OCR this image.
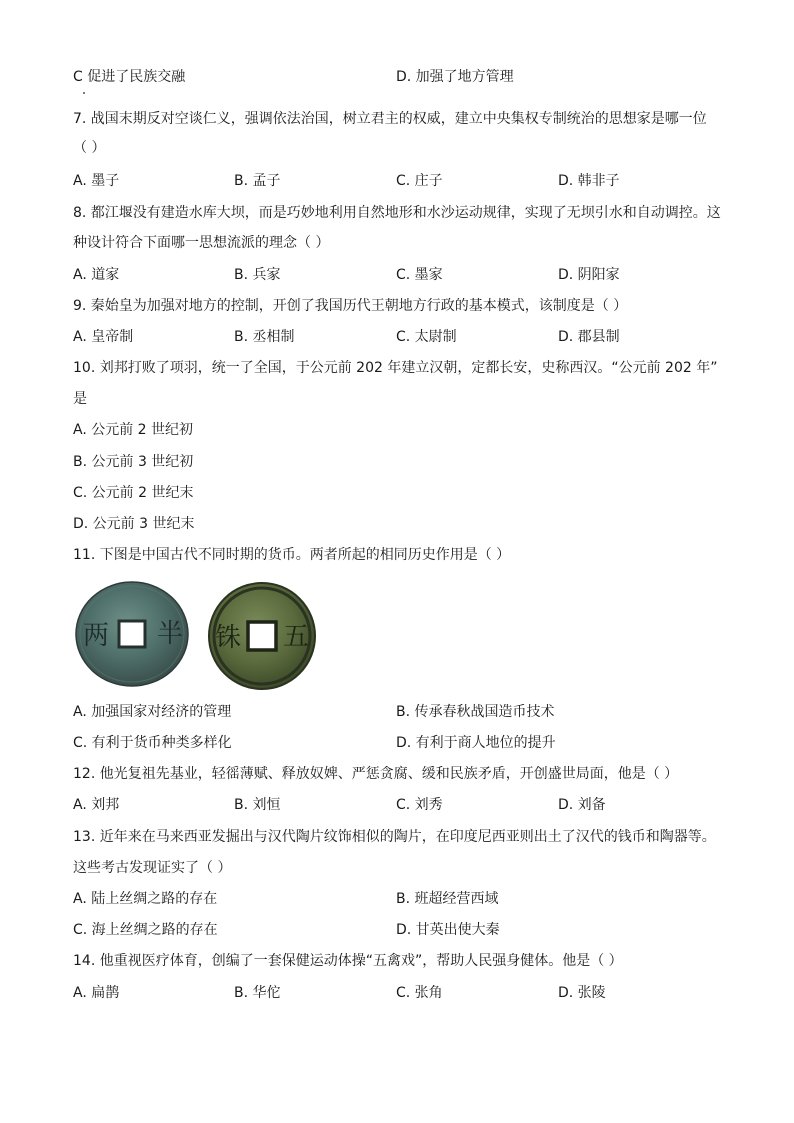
C 促进了民族交融	D. 加强了地方管理
7. 战国末期反对空谈仁义，强调依法治国，树立君主的权威，建立中央集权专制统治的思想家是哪一位
（ ）
A. 墨子	B. 孟子	C. 庄子	D. 韩非子
8. 都江堰没有建造水库大坝，而是巧妙地利用自然地形和水沙运动规律，实现了无坝引水和自动调控。这
种设计符合下面哪一思想流派的理念（ ）
A. 道家	B. 兵家	C. 墨家	D. 阴阳家
9. 秦始皇为加强对地方的控制，开创了我国历代王朝地方行政的基本模式，该制度是（ ）
A. 皇帝制	B. 丞相制	C. 太尉制	D. 郡县制
10. 刘邦打败了项羽，统一了全国，于公元前 202 年建立汉朝，定都长安，史称西汉。“公元前 202 年”
是
A. 公元前 2 世纪初
B. 公元前 3 世纪初
C. 公元前 2 世纪末
D. 公元前 3 世纪末
11. 下图是中国古代不同时期的货币。两者所起的相同历史作用是（ ）
半
两	五
铢
A. 加强国家对经济的管理	B. 传承春秋战国造币技术
C. 有利于货币种类多样化	D. 有利于商人地位的提升
12. 他光复祖先基业，轻徭薄赋、释放奴婢、严惩贪腐、缓和民族矛盾，开创盛世局面，他是（ ）
A. 刘邦	B. 刘恒	C. 刘秀	D. 刘备
13. 近年来在马来西亚发掘出与汉代陶片纹饰相似的陶片，在印度尼西亚则出土了汉代的钱币和陶器等。
这些考古发现证实了（ ）
A. 陆上丝绸之路的存在	B. 班超经营西域
C. 海上丝绸之路的存在	D. 甘英出使大秦
14. 他重视医疗体育，创编了一套保健运动体操“五禽戏”，帮助人民强身健体。他是（ ）
A. 扁鹊	B. 华佗	C. 张角	D. 张陵
